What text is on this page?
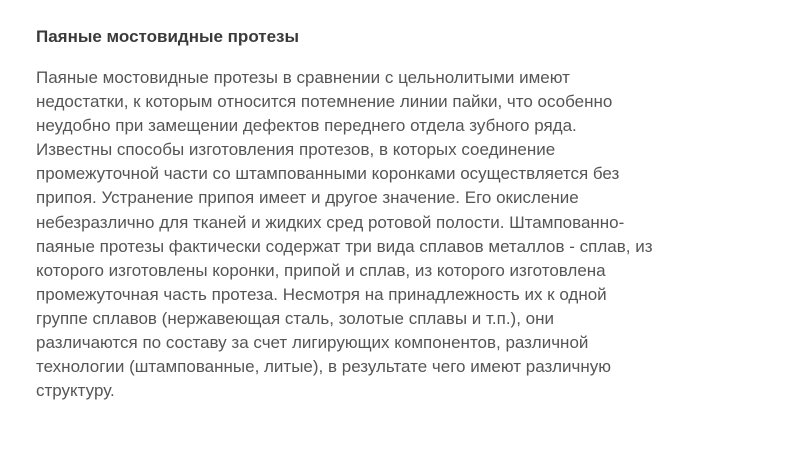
Паяные мостовидные протезы

Паяные мостовидные протезы в сравнении с цельнолитыми имеют
недостатки, к которым относится потемнение линии пайки, что особенно
неудобно при замещении дефектов переднего отдела зубного ряда.
Известны способы изготовления протезов, в которых соединение
промежуточной части со штампованными коронками осуществляется без
припоя. Устранение припоя имеет и другое значение. Его окисление
небезразлично для тканей и жидких сред ротовой полости. Штампованно-
паяные протезы фактически содержат три вида сплавов металлов - сплав, из
которого изготовлены коронки, припой и сплав, из которого изготовлена
промежуточная часть протеза. Несмотря на принадлежность их к одной
группе сплавов (нержавеющая сталь, золотые сплавы и т.п.), они
различаются по составу за счет лигирующих компонентов, различной
технологии (штампованные, литые), в результате чего имеют различную
структуру.
